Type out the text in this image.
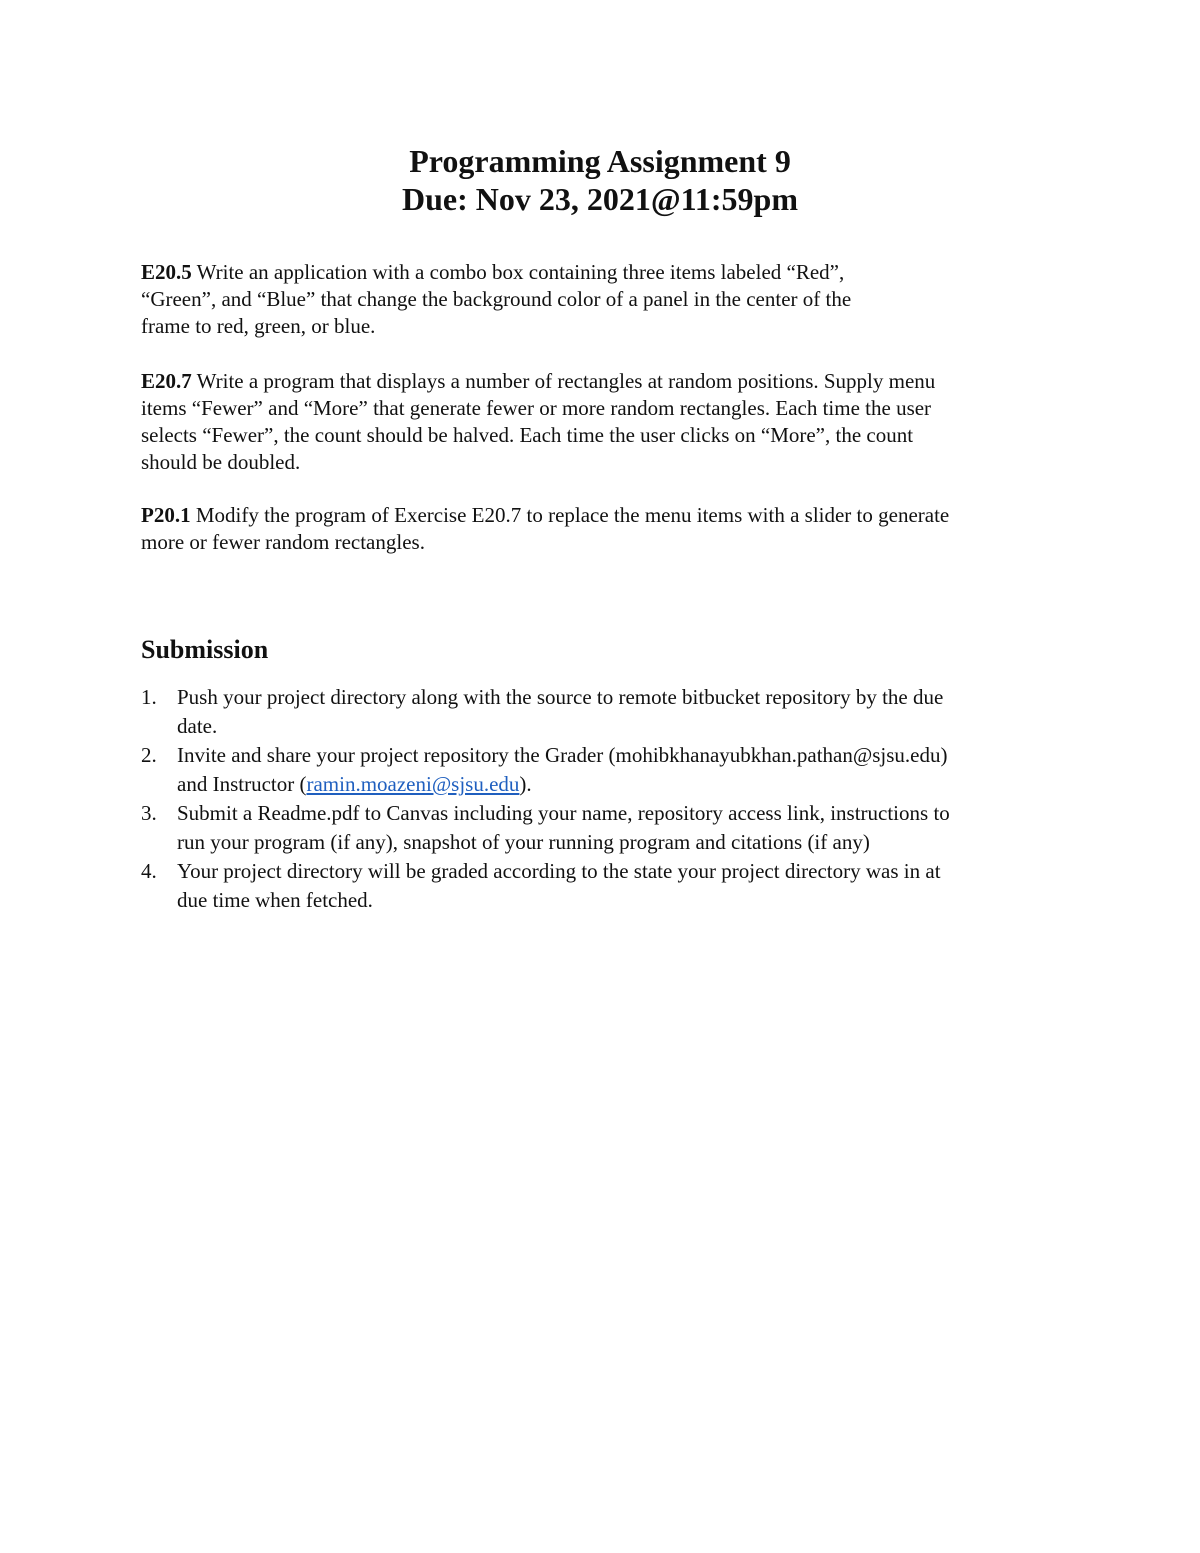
Programming Assignment 9
Due: Nov 23, 2021@11:59pm

E20.5 Write an application with a combo box containing three items labeled “Red”,
“Green”, and “Blue” that change the background color of a panel in the center of the
frame to red, green, or blue.

E20.7 Write a program that displays a number of rectangles at random positions. Supply menu
items “Fewer” and “More” that generate fewer or more random rectangles. Each time the user
selects “Fewer”, the count should be halved. Each time the user clicks on “More”, the count
should be doubled.

P20.1 Modify the program of Exercise E20.7 to replace the menu items with a slider to generate
more or fewer random rectangles.

Submission
1. Push your project directory along with the source to remote bitbucket repository by the due
date.
2. Invite and share your project repository the Grader (mohibkhanayubkhan.pathan@sjsu.edu)
and Instructor (ramin.moazeni@sjsu.edu).
3. Submit a Readme.pdf to Canvas including your name, repository access link, instructions to
run your program (if any), snapshot of your running program and citations (if any)
4. Your project directory will be graded according to the state your project directory was in at
due time when fetched.
